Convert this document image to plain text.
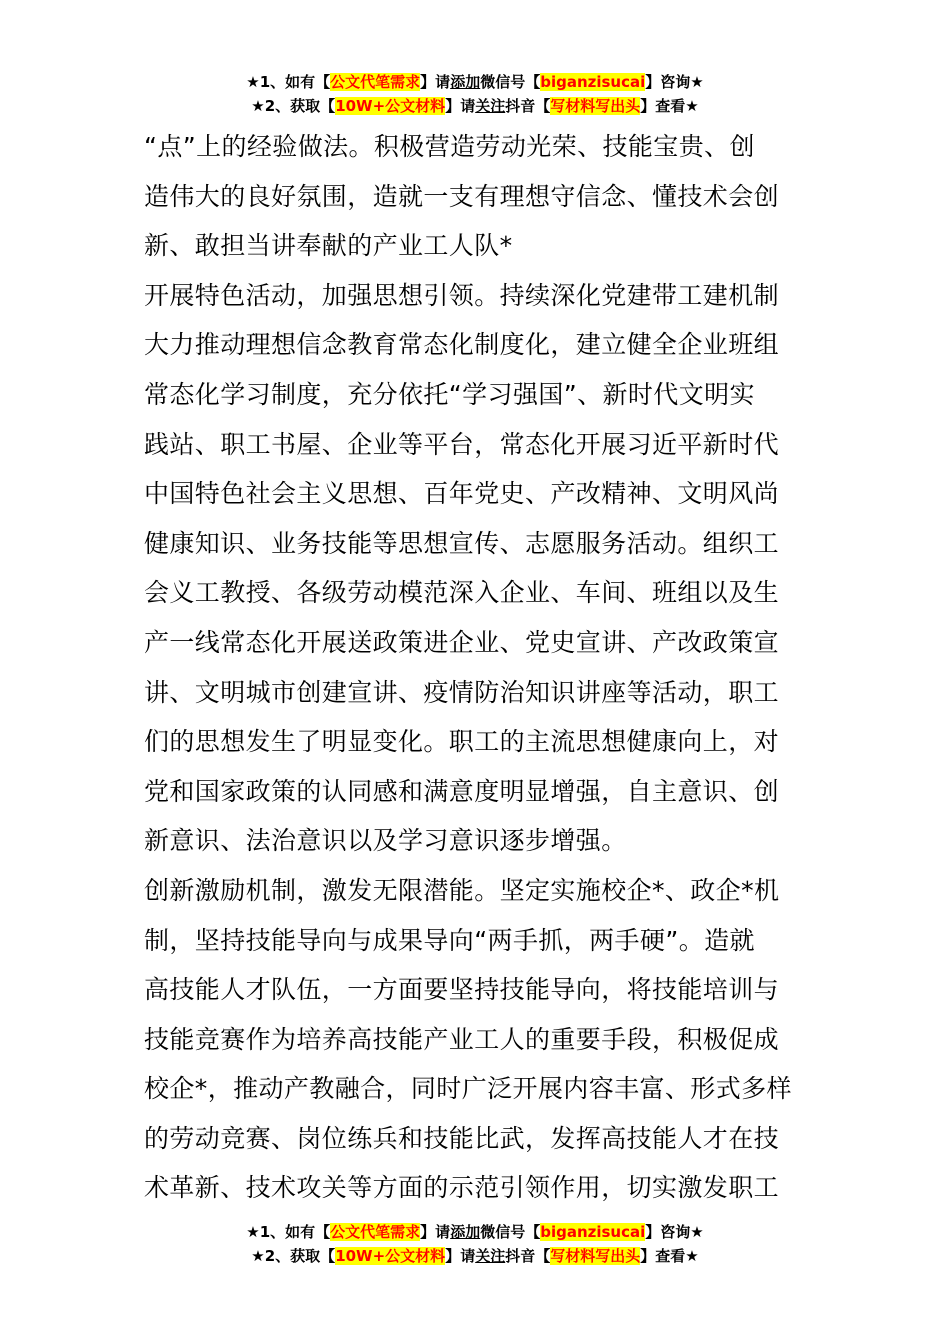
★1、如有【公文代笔需求】请添加微信号【biganzisucai】咨询★
★2、获取【10W+公文材料】请关注抖音【写材料写出头】查看★
“点”上的经验做法。积极营造劳动光荣、技能宝贵、创
造伟大的良好氛围，造就一支有理想守信念、懂技术会创
新、敢担当讲奉献的产业工人队*
开展特色活动，加强思想引领。持续深化党建带工建机制
大力推动理想信念教育常态化制度化，建立健全企业班组
常态化学习制度，充分依托“学习强国”、新时代文明实
践站、职工书屋、企业等平台，常态化开展习近平新时代
中国特色社会主义思想、百年党史、产改精神、文明风尚
健康知识、业务技能等思想宣传、志愿服务活动。组织工
会义工教授、各级劳动模范深入企业、车间、班组以及生
产一线常态化开展送政策进企业、党史宣讲、产改政策宣
讲、文明城市创建宣讲、疫情防治知识讲座等活动，职工
们的思想发生了明显变化。职工的主流思想健康向上，对
党和国家政策的认同感和满意度明显增强，自主意识、创
新意识、法治意识以及学习意识逐步增强。
创新激励机制，激发无限潜能。坚定实施校企*、政企*机
制，坚持技能导向与成果导向“两手抓，两手硬”。造就
高技能人才队伍，一方面要坚持技能导向，将技能培训与
技能竞赛作为培养高技能产业工人的重要手段，积极促成
校企*，推动产教融合，同时广泛开展内容丰富、形式多样
的劳动竞赛、岗位练兵和技能比武，发挥高技能人才在技
术革新、技术攻关等方面的示范引领作用，切实激发职工
★1、如有【公文代笔需求】请添加微信号【biganzisucai】咨询★
★2、获取【10W+公文材料】请关注抖音【写材料写出头】查看★
